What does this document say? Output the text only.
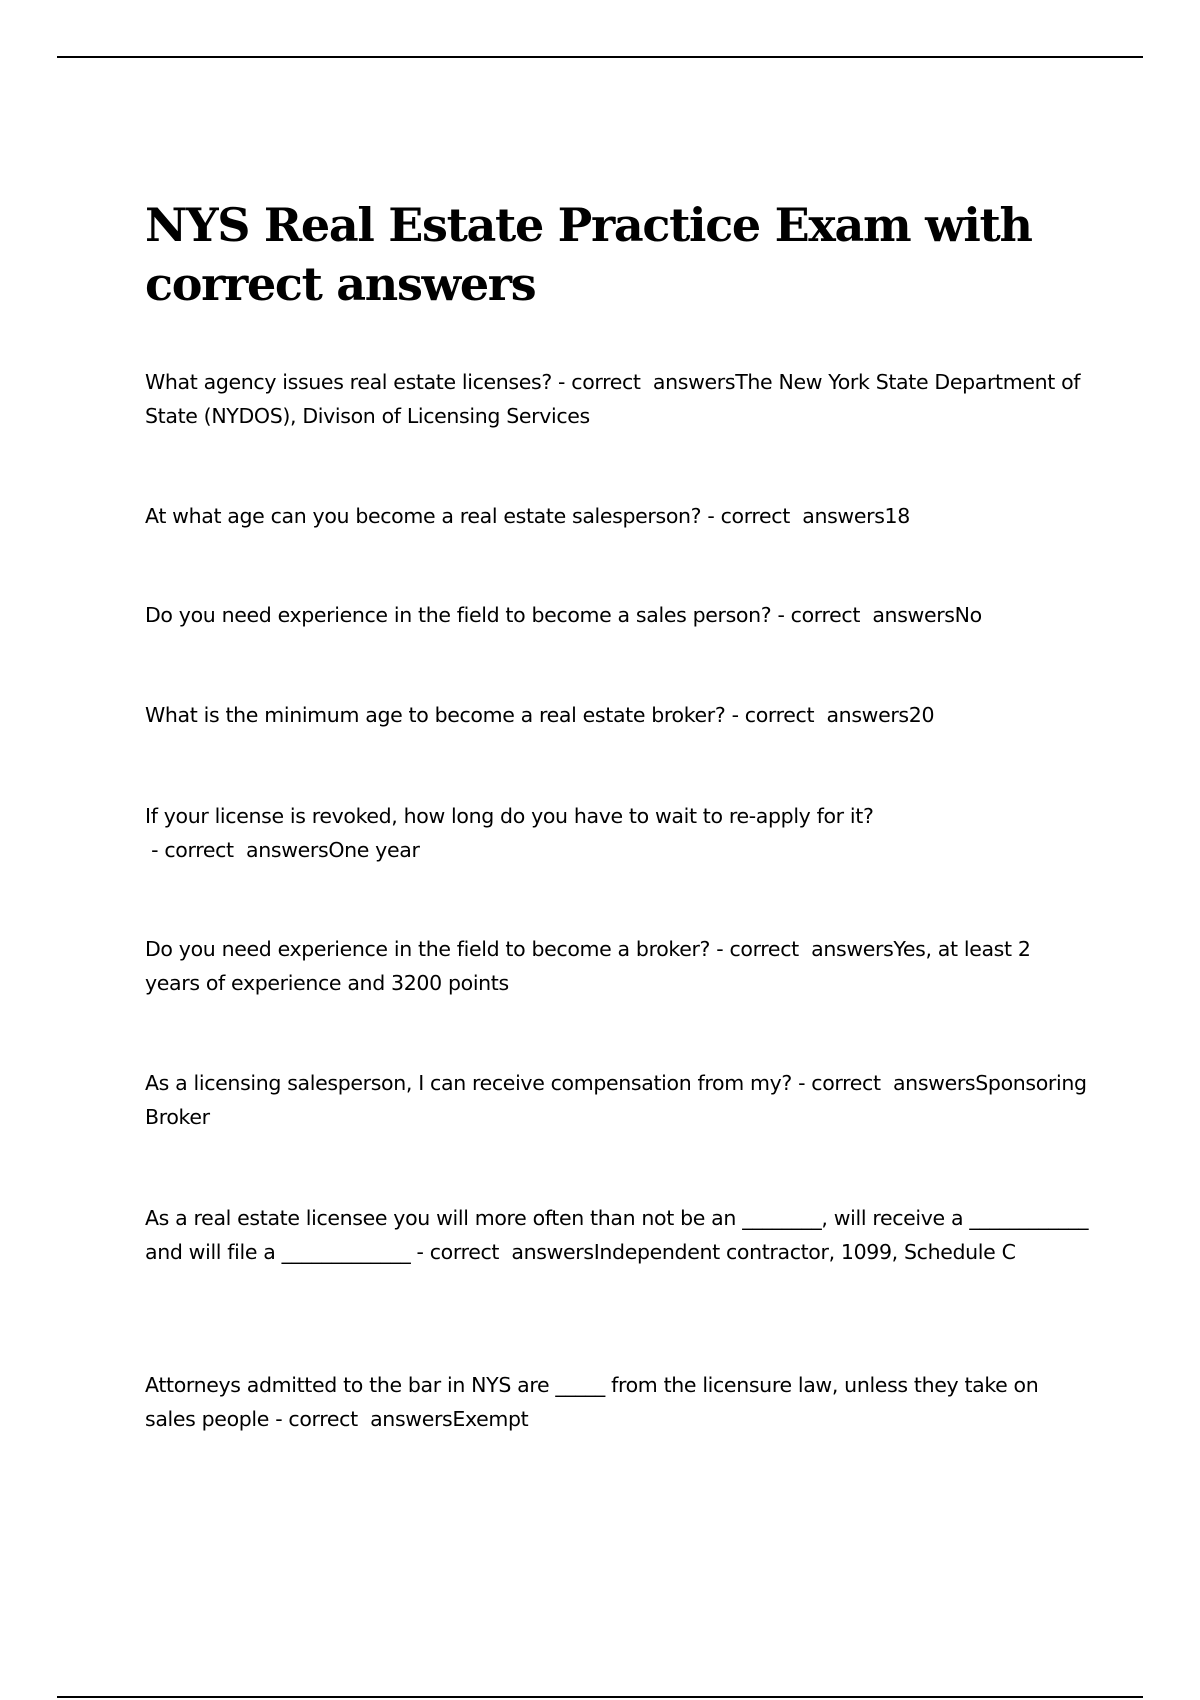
NYS Real Estate Practice Exam with correct answers

What agency issues real estate licenses? - correct  answersThe New York State Department of State (NYDOS), Divison of Licensing Services

At what age can you become a real estate salesperson? - correct  answers18

Do you need experience in the field to become a sales person? - correct  answersNo

What is the minimum age to become a real estate broker? - correct  answers20

If your license is revoked, how long do you have to wait to re-apply for it? - correct  answersOne year

Do you need experience in the field to become a broker? - correct  answersYes, at least 2 years of experience and 3200 points

As a licensing salesperson, I can receive compensation from my? - correct  answersSponsoring Broker

As a real estate licensee you will more often than not be an ________, will receive a ____________ and will file a _____________ - correct  answersIndependent contractor, 1099, Schedule C

Attorneys admitted to the bar in NYS are _____ from the licensure law, unless they take on sales people - correct  answersExempt
